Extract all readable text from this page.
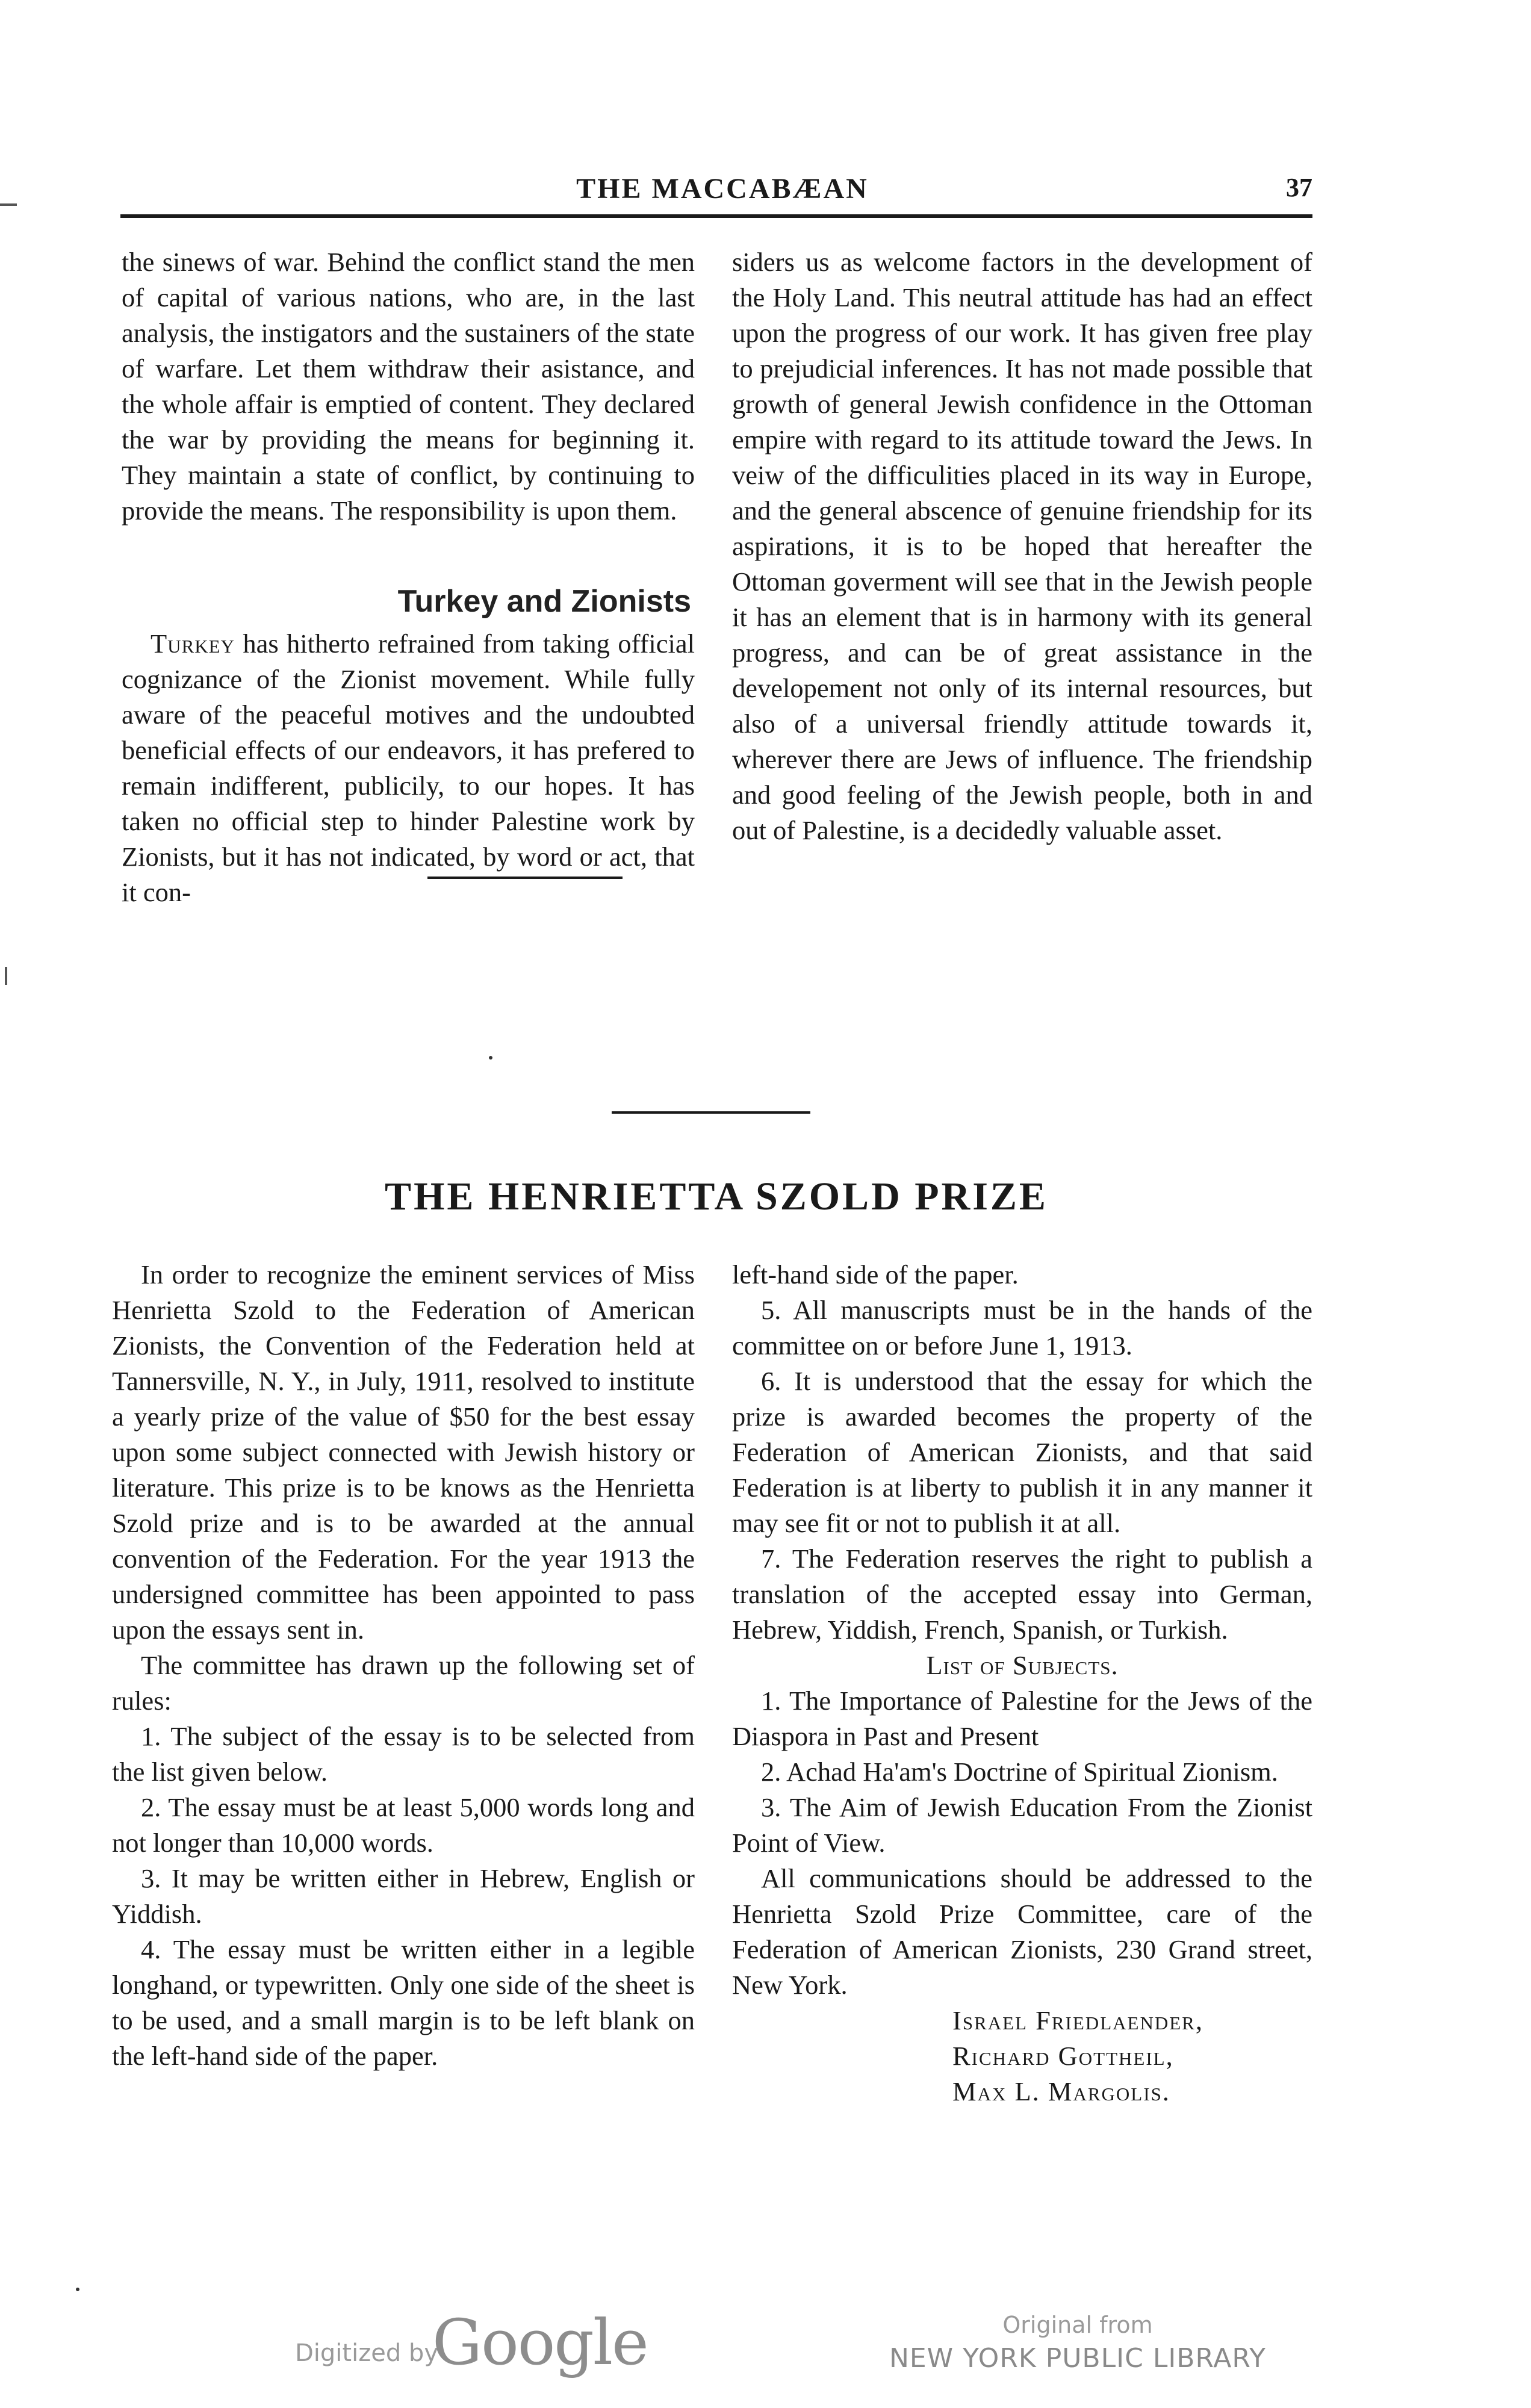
THE MACCABÆAN	37

the sinews of war. Behind the conflict stand the men of capital of various nations, who are, in the last analysis, the instigators and the sustainers of the state of warfare. Let them withdraw their asistance, and the whole affair is emptied of content. They declared the war by providing the means for beginning it. They maintain a state of conflict, by continuing to provide the means. The responsibility is upon them.

Turkey and Zionists

Turkey has hitherto refrained from taking official cognizance of the Zionist movement. While fully aware of the peaceful motives and the undoubted beneficial effects of our endeavors, it has prefered to remain indifferent, publicily, to our hopes. It has taken no official step to hinder Palestine work by Zionists, but it has not indicated, by word or act, that it con-

siders us as welcome factors in the development of the Holy Land. This neutral attitude has had an effect upon the progress of our work. It has given free play to prejudicial inferences. It has not made possible that growth of general Jewish confidence in the Ottoman empire with regard to its attitude toward the Jews. In veiw of the difficulities placed in its way in Europe, and the general abscence of genuine friendship for its aspirations, it is to be hoped that hereafter the Ottoman goverment will see that in the Jewish people it has an element that is in harmony with its general progress, and can be of great assistance in the developement not only of its internal resources, but also of a universal friendly attitude towards it, wherever there are Jews of influence. The friendship and good feeling of the Jewish people, both in and out of Palestine, is a decidedly valuable asset.

THE HENRIETTA SZOLD PRIZE

In order to recognize the eminent services of Miss Henrietta Szold to the Federation of American Zionists, the Convention of the Federation held at Tannersville, N. Y., in July, 1911, resolved to institute a yearly prize of the value of $50 for the best essay upon some subject connected with Jewish history or literature. This prize is to be knows as the Henrietta Szold prize and is to be awarded at the annual convention of the Federation. For the year 1913 the undersigned committee has been appointed to pass upon the essays sent in.

The committee has drawn up the following set of rules:

1. The subject of the essay is to be selected from the list given below.

2. The essay must be at least 5,000 words long and not longer than 10,000 words.

3. It may be written either in Hebrew, English or Yiddish.

4. The essay must be written either in a legible longhand, or typewritten. Only one side of the sheet is to be used, and a small margin is to be left blank on the left-hand side of the paper.

left-hand side of the paper.

5. All manuscripts must be in the hands of the committee on or before June 1, 1913.

6. It is understood that the essay for which the prize is awarded becomes the property of the Federation of American Zionists, and that said Federation is at liberty to publish it in any manner it may see fit or not to publish it at all.

7. The Federation reserves the right to publish a translation of the accepted essay into German, Hebrew, Yiddish, French, Spanish, or Turkish.

List of Subjects.

1. The Importance of Palestine for the Jews of the Diaspora in Past and Present

2. Achad Ha'am's Doctrine of Spiritual Zionism.

3. The Aim of Jewish Education From the Zionist Point of View.

All communications should be addressed to the Henrietta Szold Prize Committee, care of the Federation of American Zionists, 230 Grand street, New York.

Israel Friedlaender,

Richard Gottheil,

Max L. Margolis.

Digitized by
Google	Original from
NEW YORK PUBLIC LIBRARY
